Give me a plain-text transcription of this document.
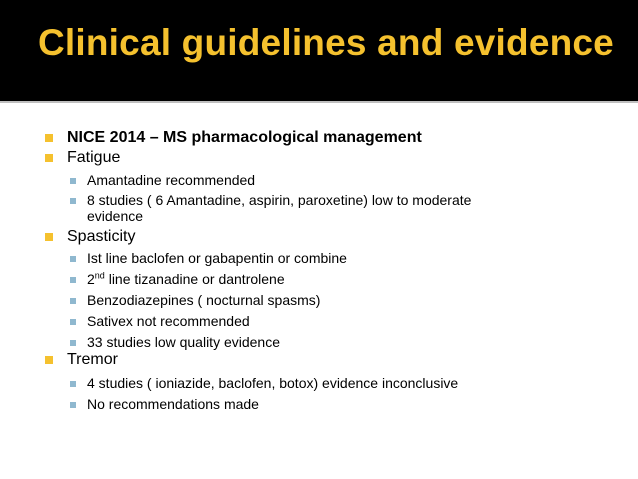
Clinical guidelines and evidence
NICE 2014 – MS pharmacological management
Fatigue
Amantadine recommended
8 studies ( 6 Amantadine, aspirin, paroxetine) low to moderate
evidence
Spasticity
Ist line baclofen or gabapentin or combine
2nd line tizanadine or dantrolene
Benzodiazepines ( nocturnal spasms)
Sativex not recommended
33 studies low quality evidence
Tremor
4 studies ( ioniazide, baclofen, botox) evidence inconclusive
No recommendations made
